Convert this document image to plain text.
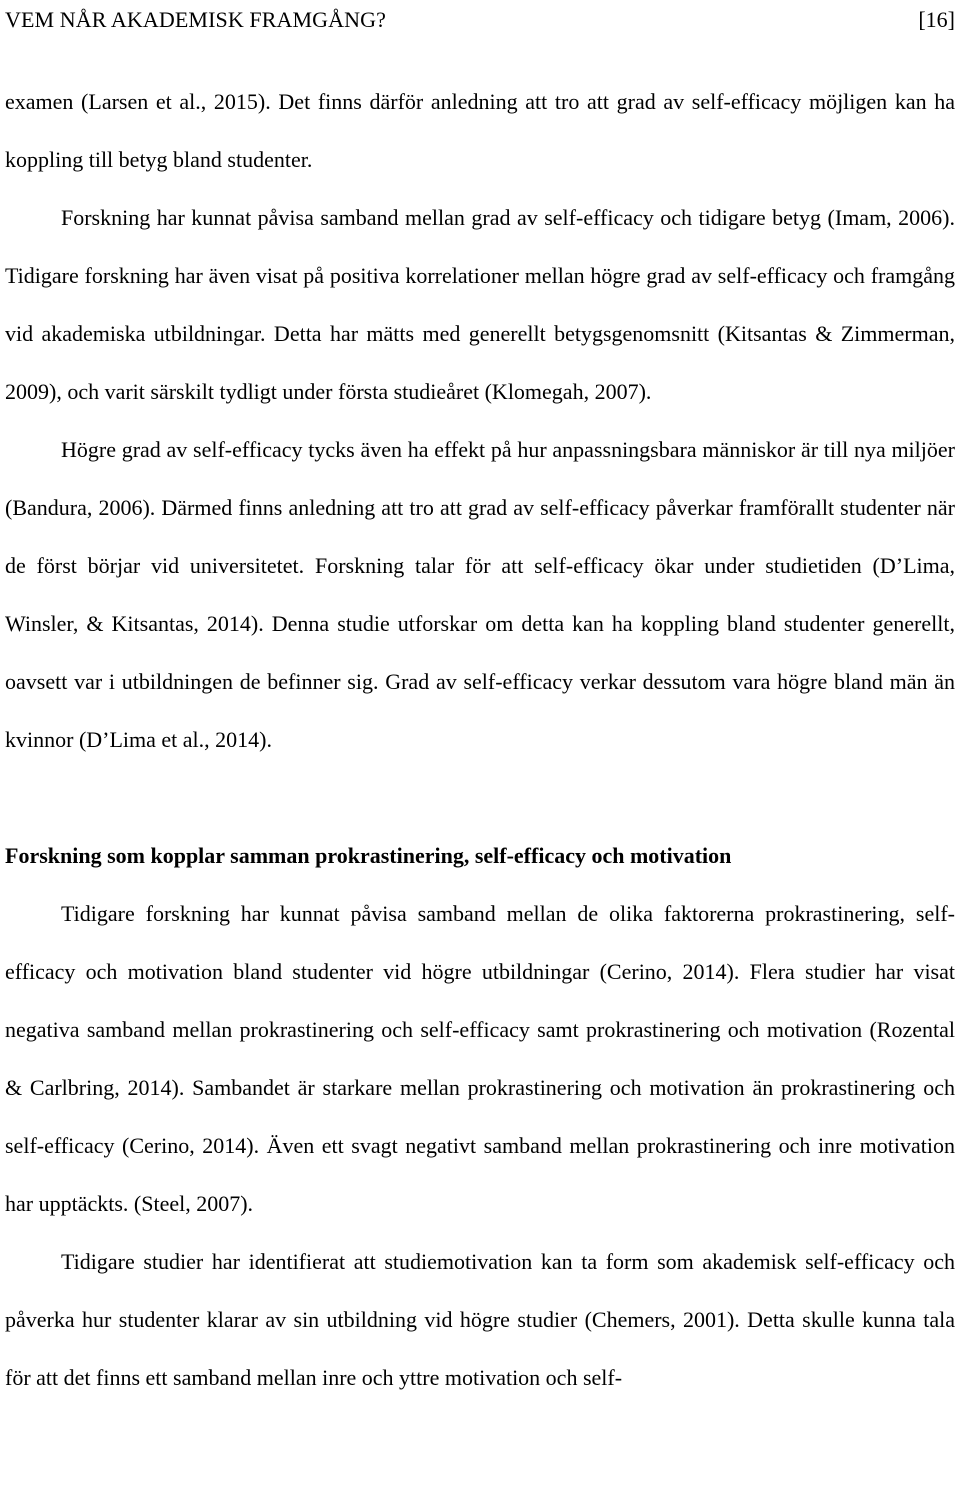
VEM NÅR AKADEMISK FRAMGÅNG?	[16]

examen (Larsen et al., 2015). Det finns därför anledning att tro att grad av self-efficacy möjligen kan ha koppling till betyg bland studenter.

Forskning har kunnat påvisa samband mellan grad av self-efficacy och tidigare betyg (Imam, 2006). Tidigare forskning har även visat på positiva korrelationer mellan högre grad av self-efficacy och framgång vid akademiska utbildningar. Detta har mätts med generellt betygsgenomsnitt (Kitsantas & Zimmerman, 2009), och varit särskilt tydligt under första studieåret (Klomegah, 2007).

Högre grad av self-efficacy tycks även ha effekt på hur anpassningsbara människor är till nya miljöer (Bandura, 2006). Därmed finns anledning att tro att grad av self-efficacy påverkar framförallt studenter när de först börjar vid universitetet. Forskning talar för att self-efficacy ökar under studietiden (D’Lima, Winsler, & Kitsantas, 2014). Denna studie utforskar om detta kan ha koppling bland studenter generellt, oavsett var i utbildningen de befinner sig. Grad av self-efficacy verkar dessutom vara högre bland män än kvinnor (D’Lima et al., 2014).

Forskning som kopplar samman prokrastinering, self-efficacy och motivation

Tidigare forskning har kunnat påvisa samband mellan de olika faktorerna prokrastinering, self-efficacy och motivation bland studenter vid högre utbildningar (Cerino, 2014). Flera studier har visat negativa samband mellan prokrastinering och self-efficacy samt prokrastinering och motivation (Rozental & Carlbring, 2014). Sambandet är starkare mellan prokrastinering och motivation än prokrastinering och self-efficacy (Cerino, 2014). Även ett svagt negativt samband mellan prokrastinering och inre motivation har upptäckts. (Steel, 2007).

Tidigare studier har identifierat att studiemotivation kan ta form som akademisk self-efficacy och påverka hur studenter klarar av sin utbildning vid högre studier (Chemers, 2001). Detta skulle kunna tala för att det finns ett samband mellan inre och yttre motivation och self-
